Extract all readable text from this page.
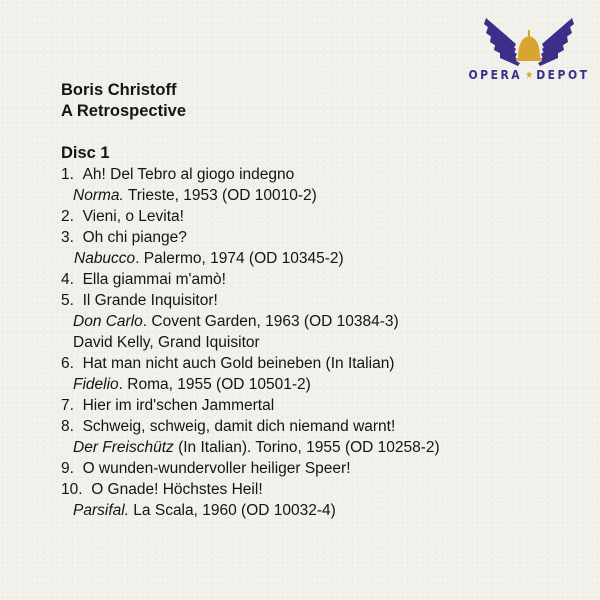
OPERA ★ DEPOT

Boris Christoff

A Retrospective

Disc 1

1. Ah! Del Tebro al giogo indegno

Norma. Trieste, 1953 (OD 10010-2)

2. Vieni, o Levita!

3. Oh chi piange?

Nabucco. Palermo, 1974 (OD 10345-2)

4. Ella giammai m'amò!

5. Il Grande Inquisitor!

Don Carlo. Covent Garden, 1963 (OD 10384-3)

David Kelly, Grand Iquisitor

6. Hat man nicht auch Gold beineben (In Italian)

Fidelio. Roma, 1955 (OD 10501-2)

7. Hier im ird'schen Jammertal

8. Schweig, schweig, damit dich niemand warnt!

Der Freischütz (In Italian). Torino, 1955 (OD 10258-2)

9. O wunden-wundervoller heiliger Speer!

10. O Gnade! Höchstes Heil!

Parsifal. La Scala, 1960 (OD 10032-4)
